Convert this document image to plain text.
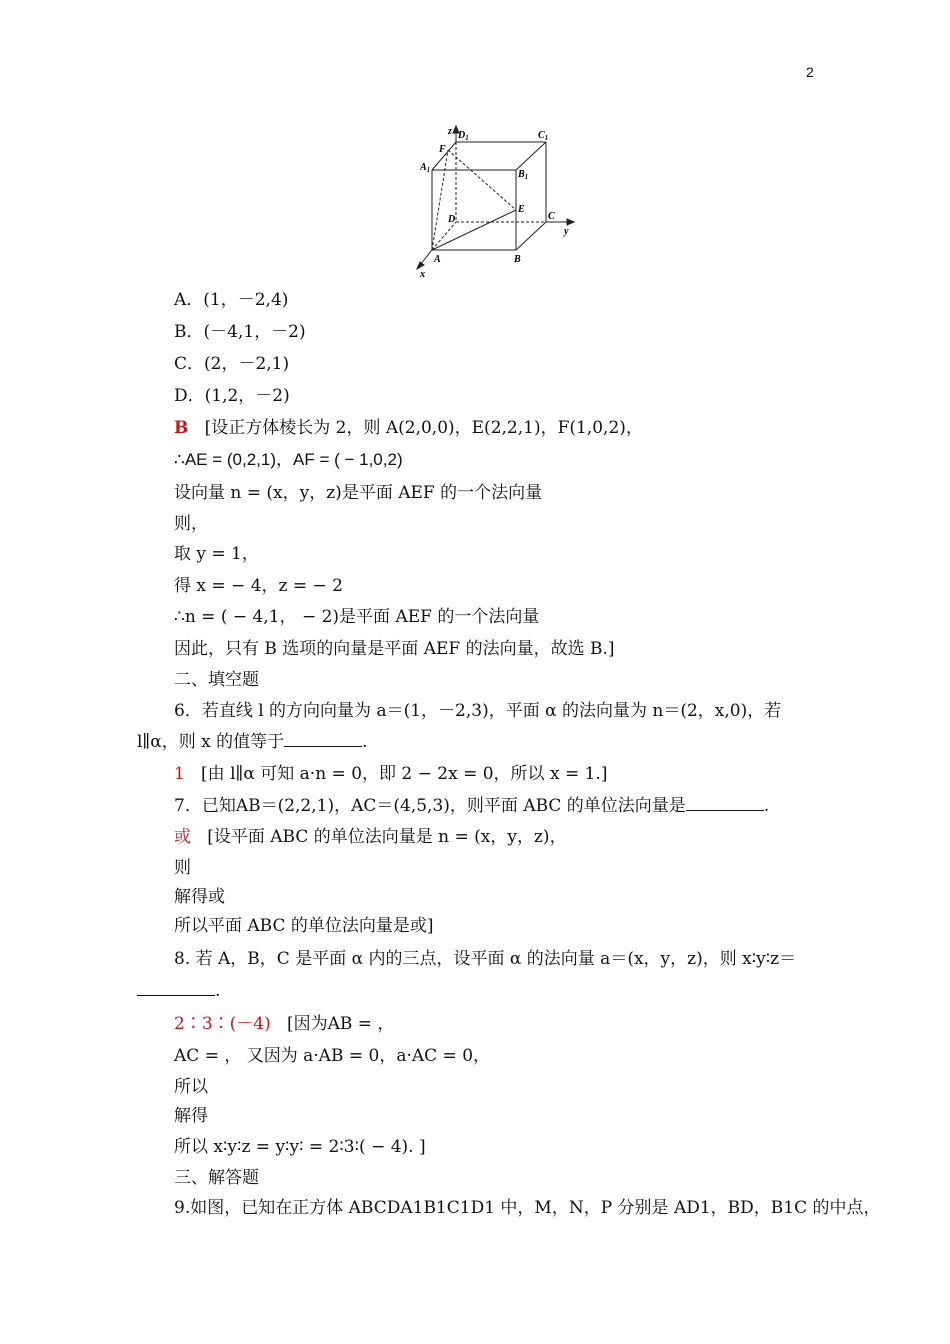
2
z $D_1$	$C_1$
F
$A_1$	$B_1$
E
D	C
y
A	B
x
A．(1，－2,4)
B．(－4,1，－2)
C．(2，－2,1)
D．(1,2，－2)
B [设正方体棱长为 2，则 A(2,0,0)，E(2,2,1)，F(1,0,2)，
∴AE = (0,2,1)，AF = ( − 1,0,2)
设向量 n = (x，y，z)是平面 AEF 的一个法向量
则，
取 y = 1，
得 x = − 4，z = − 2
∴n = ( − 4,1， − 2)是平面 AEF 的一个法向量
因此，只有 B 选项的向量是平面 AEF 的法向量，故选 B.]
二、填空题
6．若直线 l 的方向向量为 a＝(1，－2,3)，平面 α 的法向量为 n＝(2，x,0)，若
l∥α，则 x 的值等于	.
1 [由 l∥α 可知 a·n = 0，即 2 − 2x = 0，所以 x = 1.]
7．已知AB＝(2,2,1)，AC＝(4,5,3)，则平面 ABC 的单位法向量是	.
或 [设平面 ABC 的单位法向量是 n = (x，y，z)，
则
解得或
所以平面 ABC 的单位法向量是或]
8. 若 A，B，C 是平面 α 内的三点，设平面 α 的法向量 a＝(x，y，z)，则 x∶y∶z＝
.
2∶3∶(－4) [因为AB = ，
AC = ， 又因为 a·AB = 0，a·AC = 0，
所以
解得
所以 x∶y∶z = y∶y∶ = 2∶3∶( − 4). ]
三、解答题
9.如图，已知在正方体 ABCDA1B1C1D1 中，M，N，P 分别是 AD1，BD，B1C 的中点，
